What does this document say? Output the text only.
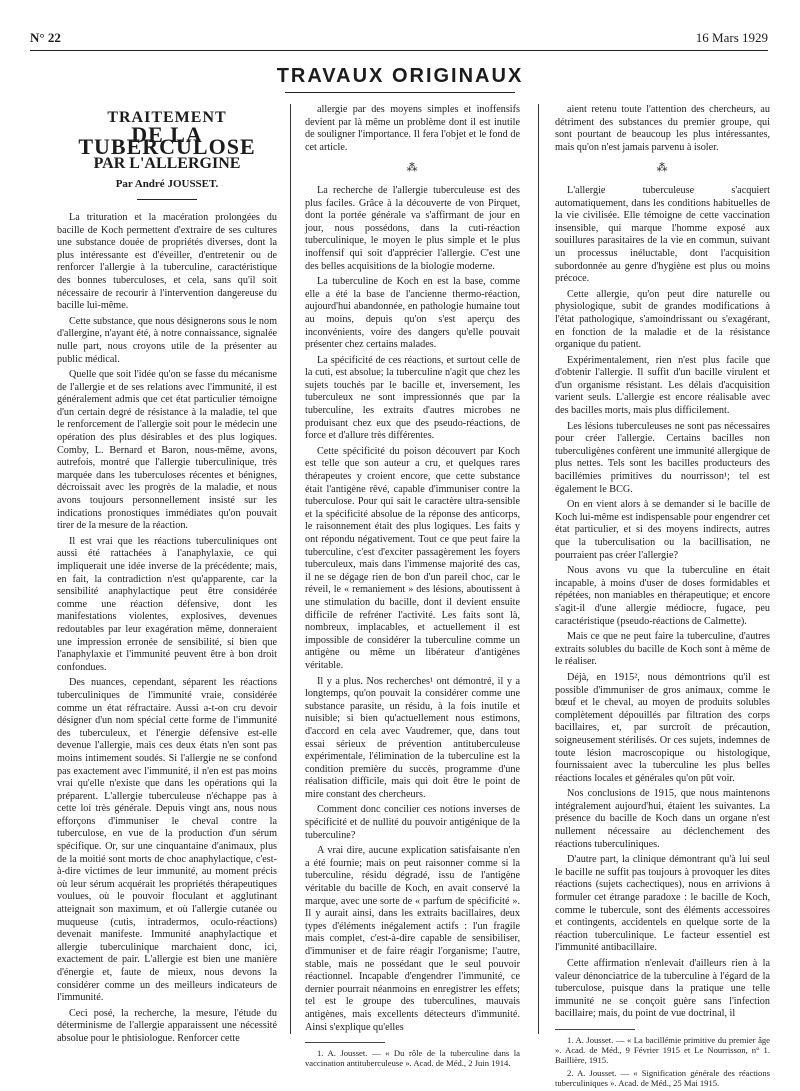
N° 22	16 Mars 1929
TRAVAUX ORIGINAUX
TRAITEMENT
DE LA TUBERCULOSE
PAR L'ALLERGINE
Par André JOUSSET.

La trituration et la macération prolongées du bacille de Koch permettent d'extraire de ses cultures une substance douée de propriétés diverses, dont la plus intéressante est d'éveiller, d'entretenir ou de renforcer l'allergie à la tuberculine, caractéristique des bonnes tuberculoses, et cela, sans qu'il soit nécessaire de recourir à l'intervention dangereuse du bacille lui-même.

Cette substance, que nous désignerons sous le nom d'allergine, n'ayant été, à notre connaissance, signalée nulle part, nous croyons utile de la présenter au public médical.

Quelle que soit l'idée qu'on se fasse du mécanisme de l'allergie et de ses relations avec l'immunité, il est généralement admis que cet état particulier témoigne d'un certain degré de résistance à la maladie, tel que le renforcement de l'allergie soit pour le médecin une opération des plus désirables et des plus logiques. Comby, L. Bernard et Baron, nous-même, avons, autrefois, montré que l'allergie tuberculinique, très marquée dans les tuberculoses récentes et bénignes, décroissait avec les progrès de la maladie, et nous avons toujours personnellement insisté sur les indications pronostiques immédiates qu'on pouvait tirer de la mesure de la réaction.

Il est vrai que les réactions tuberculiniques ont aussi été rattachées à l'anaphylaxie, ce qui impliquerait une idée inverse de la précédente; mais, en fait, la contradiction n'est qu'apparente, car la sensibilité anaphylactique peut être considérée comme une réaction défensive, dont les manifestations violentes, explosives, devenues redoutables par leur exagération même, donneraient une impression erronée de sensibilité, si bien que l'anaphylaxie et l'immunité peuvent être à bon droit confondues.

Des nuances, cependant, séparent les réactions tuberculiniques de l'immunité vraie, considérée comme un état réfractaire. Aussi a-t-on cru devoir désigner d'un nom spécial cette forme de l'immunité des tuberculeux, et l'énergie défensive est-elle devenue l'allergie, mais ces deux états n'en sont pas moins intimement soudés. Si l'allergie ne se confond pas exactement avec l'immunité, il n'en est pas moins vrai qu'elle n'existe que dans les opérations qui la préparent. L'allergie tuberculeuse n'échappe pas à cette loi très générale. Depuis vingt ans, nous nous efforçons d'immuniser le cheval contre la tuberculose, en vue de la production d'un sérum spécifique. Or, sur une cinquantaine d'animaux, plus de la moitié sont morts de choc anaphylactique, c'est-à-dire victimes de leur immunité, au moment précis où leur sérum acquérait les propriétés thérapeutiques voulues, où le pouvoir floculant et agglutinant atteignait son maximum, et où l'allergie cutanée ou muqueuse (cutis, intradermos, oculo-réactions) devenait manifeste. Immunité anaphylactique et allergie tuberculinique marchaient donc, ici, exactement de pair. L'allergie est bien une manière d'énergie et, faute de mieux, nous devons la considérer comme un des meilleurs indicateurs de l'immunité.

Ceci posé, la recherche, la mesure, l'étude du déterminisme de l'allergie apparaissent une nécessité absolue pour le phtisiologue. Renforcer cette

allergie par des moyens simples et inoffensifs devient par là même un problème dont il est inutile de souligner l'importance. Il fera l'objet et le fond de cet article.

⁂

La recherche de l'allergie tuberculeuse est des plus faciles. Grâce à la découverte de von Pirquet, dont la portée générale va s'affirmant de jour en jour, nous possédons, dans la cuti-réaction tuberculinique, le moyen le plus simple et le plus inoffensif qui soit d'apprécier l'allergie. C'est une des belles acquisitions de la biologie moderne.

La tuberculine de Koch en est la base, comme elle a été la base de l'ancienne thermo-réaction, aujourd'hui abandonnée, en pathologie humaine tout au moins, depuis qu'on s'est aperçu des inconvénients, voire des dangers qu'elle pouvait présenter chez certains malades.

La spécificité de ces réactions, et surtout celle de la cuti, est absolue; la tuberculine n'agit que chez les sujets touchés par le bacille et, inversement, les tuberculeux ne sont impressionnés que par la tuberculine, les extraits d'autres microbes ne produisant chez eux que des pseudo-réactions, de force et d'allure très différentes.

Cette spécificité du poison découvert par Koch est telle que son auteur a cru, et quelques rares thérapeutes y croient encore, que cette substance était l'antigène rêvé, capable d'immuniser contre la tuberculose. Pour qui sait le caractère ultra-sensible et la spécificité absolue de la réponse des anticorps, le raisonnement était des plus logiques. Les faits y ont répondu négativement. Tout ce que peut faire la tuberculine, c'est d'exciter passagèrement les foyers tuberculeux, mais dans l'immense majorité des cas, il ne se dégage rien de bon d'un pareil choc, car le réveil, le « remaniement » des lésions, aboutissent à une stimulation du bacille, dont il devient ensuite difficile de refréner l'activité. Les faits sont là, nombreux, implacables, et actuellement il est impossible de considérer la tuberculine comme un antigène ou même un libérateur d'antigènes véritable.

Il y a plus. Nos recherches¹ ont démontré, il y a longtemps, qu'on pouvait la considérer comme une substance parasite, un résidu, à la fois inutile et nuisible; si bien qu'actuellement nous estimons, d'accord en cela avec Vaudremer, que, dans tout essai sérieux de prévention antituberculeuse expérimentale, l'élimination de la tuberculine est la condition première du succès, programme d'une réalisation difficile, mais qui doit être le point de mire constant des chercheurs.

Comment donc concilier ces notions inverses de spécificité et de nullité du pouvoir antigénique de la tuberculine?

A vrai dire, aucune explication satisfaisante n'en a été fournie; mais on peut raisonner comme si la tuberculine, résidu dégradé, issu de l'antigène véritable du bacille de Koch, en avait conservé la marque, avec une sorte de « parfum de spécificité ». Il y aurait ainsi, dans les extraits bacillaires, deux types d'éléments inégalement actifs : l'un fragile mais complet, c'est-à-dire capable de sensibiliser, d'immuniser et de faire réagir l'organisme; l'autre, stable, mais ne possédant que le seul pouvoir réactionnel. Incapable d'engendrer l'immunité, ce dernier pourrait néanmoins en enregistrer les effets; tel est le groupe des tuberculines, mauvais antigènes, mais excellents détecteurs d'immunité. Ainsi s'explique qu'elles

1. A. Jousset. — « Du rôle de la tuberculine dans la vaccination antituberculeuse ». Acad. de Méd., 2 Juin 1914.

aient retenu toute l'attention des chercheurs, au détriment des substances du premier groupe, qui sont pourtant de beaucoup les plus intéressantes, mais qu'on n'est jamais parvenu à isoler.

⁂

L'allergie tuberculeuse s'acquiert automatiquement, dans les conditions habituelles de la vie civilisée. Elle témoigne de cette vaccination insensible, qui marque l'homme exposé aux souillures parasitaires de la vie en commun, suivant un processus inéluctable, dont l'acquisition subordonnée au genre d'hygiène est plus ou moins précoce.

Cette allergie, qu'on peut dire naturelle ou physiologique, subit de grandes modifications à l'état pathologique, s'amoindrissant ou s'exagérant, en fonction de la maladie et de la résistance organique du patient.

Expérimentalement, rien n'est plus facile que d'obtenir l'allergie. Il suffit d'un bacille virulent et d'un organisme résistant. Les délais d'acquisition varient seuls. L'allergie est encore réalisable avec des bacilles morts, mais plus difficilement.

Les lésions tuberculeuses ne sont pas nécessaires pour créer l'allergie. Certains bacilles non tuberculigènes confèrent une immunité allergique de plus nettes. Tels sont les bacilles producteurs des bacillémies primitives du nourrisson¹; tel est également le BCG.

On en vient alors à se demander si le bacille de Koch lui-même est indispensable pour engendrer cet état particulier, et si des moyens indirects, autres que la tuberculisation ou la bacillisation, ne pourraient pas créer l'allergie?

Nous avons vu que la tuberculine en était incapable, à moins d'user de doses formidables et répétées, non maniables en thérapeutique; et encore s'agit-il d'une allergie médiocre, fugace, peu caractéristique (pseudo-réactions de Calmette).

Mais ce que ne peut faire la tuberculine, d'autres extraits solubles du bacille de Koch sont à même de le réaliser.

Déjà, en 1915², nous démontrions qu'il est possible d'immuniser de gros animaux, comme le bœuf et le cheval, au moyen de produits solubles complètement dépouillés par filtration des corps bacillaires, et, par surcroît de précaution, soigneusement stérilisés. Or ces sujets, indemnes de toute lésion macroscopique ou histologique, fournissaient avec la tuberculine les plus belles réactions locales et générales qu'on pût voir.

Nos conclusions de 1915, que nous maintenons intégralement aujourd'hui, étaient les suivantes. La présence du bacille de Koch dans un organe n'est nullement nécessaire au déclenchement des réactions tuberculiniques.

D'autre part, la clinique démontrant qu'à lui seul le bacille ne suffit pas toujours à provoquer les dites réactions (sujets cachectiques), nous en arrivions à formuler cet étrange paradoxe : le bacille de Koch, comme le tubercule, sont des éléments accessoires et contingents, accidentels en quelque sorte de la réaction tuberculinique. Le facteur essentiel est l'immunité antibacillaire.

Cette affirmation n'enlevait d'ailleurs rien à la valeur dénonciatrice de la tuberculine à l'égard de la tuberculose, puisque dans la pratique une telle immunité ne se conçoit guère sans l'infection bacillaire; mais, du point de vue doctrinal, il

1. A. Jousset. — « La bacillémie primitive du premier âge ». Acad. de Méd., 9 Février 1915 et Le Nourrisson, n° 1. Baillière, 1915.

2. A. Jousset. — « Signification générale des réactions tuberculiniques ». Acad. de Méd., 25 Mai 1915.
